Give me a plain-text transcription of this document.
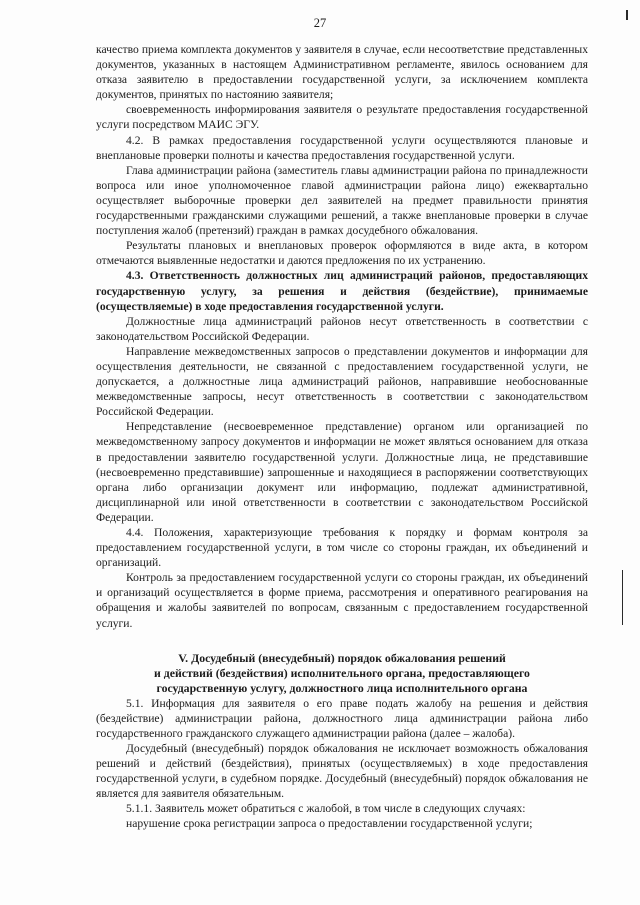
27

качество приема комплекта документов у заявителя в случае, если несоответствие представленных документов, указанных в настоящем Административном регламенте, явилось основанием для отказа заявителю в предоставлении государственной услуги, за исключением комплекта документов, принятых по настоянию заявителя;

своевременность информирования заявителя о результате предоставления государственной услуги посредством МАИС ЭГУ.

4.2. В рамках предоставления государственной услуги осуществляются плановые и внеплановые проверки полноты и качества предоставления государственной услуги.

Глава администрации района (заместитель главы администрации района по принадлежности вопроса или иное уполномоченное главой администрации района лицо) ежеквартально осуществляет выборочные проверки дел заявителей на предмет правильности принятия государственными гражданскими служащими решений, а также внеплановые проверки в случае поступления жалоб (претензий) граждан в рамках досудебного обжалования.

Результаты плановых и внеплановых проверок оформляются в виде акта, в котором отмечаются выявленные недостатки и даются предложения по их устранению.

4.3. Ответственность должностных лиц администраций районов, предоставляющих государственную услугу, за решения и действия (бездействие), принимаемые (осуществляемые) в ходе предоставления государственной услуги.

Должностные лица администраций районов несут ответственность в соответствии с законодательством Российской Федерации.

Направление межведомственных запросов о представлении документов и информации для осуществления деятельности, не связанной с предоставлением государственной услуги, не допускается, а должностные лица администраций районов, направившие необоснованные межведомственные запросы, несут ответственность в соответствии с законодательством Российской Федерации.

Непредставление (несвоевременное представление) органом или организацией по межведомственному запросу документов и информации не может являться основанием для отказа в предоставлении заявителю государственной услуги. Должностные лица, не представившие (несвоевременно представившие) запрошенные и находящиеся в распоряжении соответствующих органа либо организации документ или информацию, подлежат административной, дисциплинарной или иной ответственности в соответствии с законодательством Российской Федерации.

4.4. Положения, характеризующие требования к порядку и формам контроля за предоставлением государственной услуги, в том числе со стороны граждан, их объединений и организаций.

Контроль за предоставлением государственной услуги со стороны граждан, их объединений и организаций осуществляется в форме приема, рассмотрения и оперативного реагирования на обращения и жалобы заявителей по вопросам, связанным с предоставлением государственной услуги.

V. Досудебный (внесудебный) порядок обжалования решений
и действий (бездействия) исполнительного органа, предоставляющего
государственную услугу, должностного лица исполнительного органа

5.1. Информация для заявителя о его праве подать жалобу на решения и действия (бездействие) администрации района, должностного лица администрации района либо государственного гражданского служащего администрации района (далее – жалоба).

Досудебный (внесудебный) порядок обжалования не исключает возможность обжалования решений и действий (бездействия), принятых (осуществляемых) в ходе предоставления государственной услуги, в судебном порядке. Досудебный (внесудебный) порядок обжалования не является для заявителя обязательным.

5.1.1. Заявитель может обратиться с жалобой, в том числе в следующих случаях:

нарушение срока регистрации запроса о предоставлении государственной услуги;
